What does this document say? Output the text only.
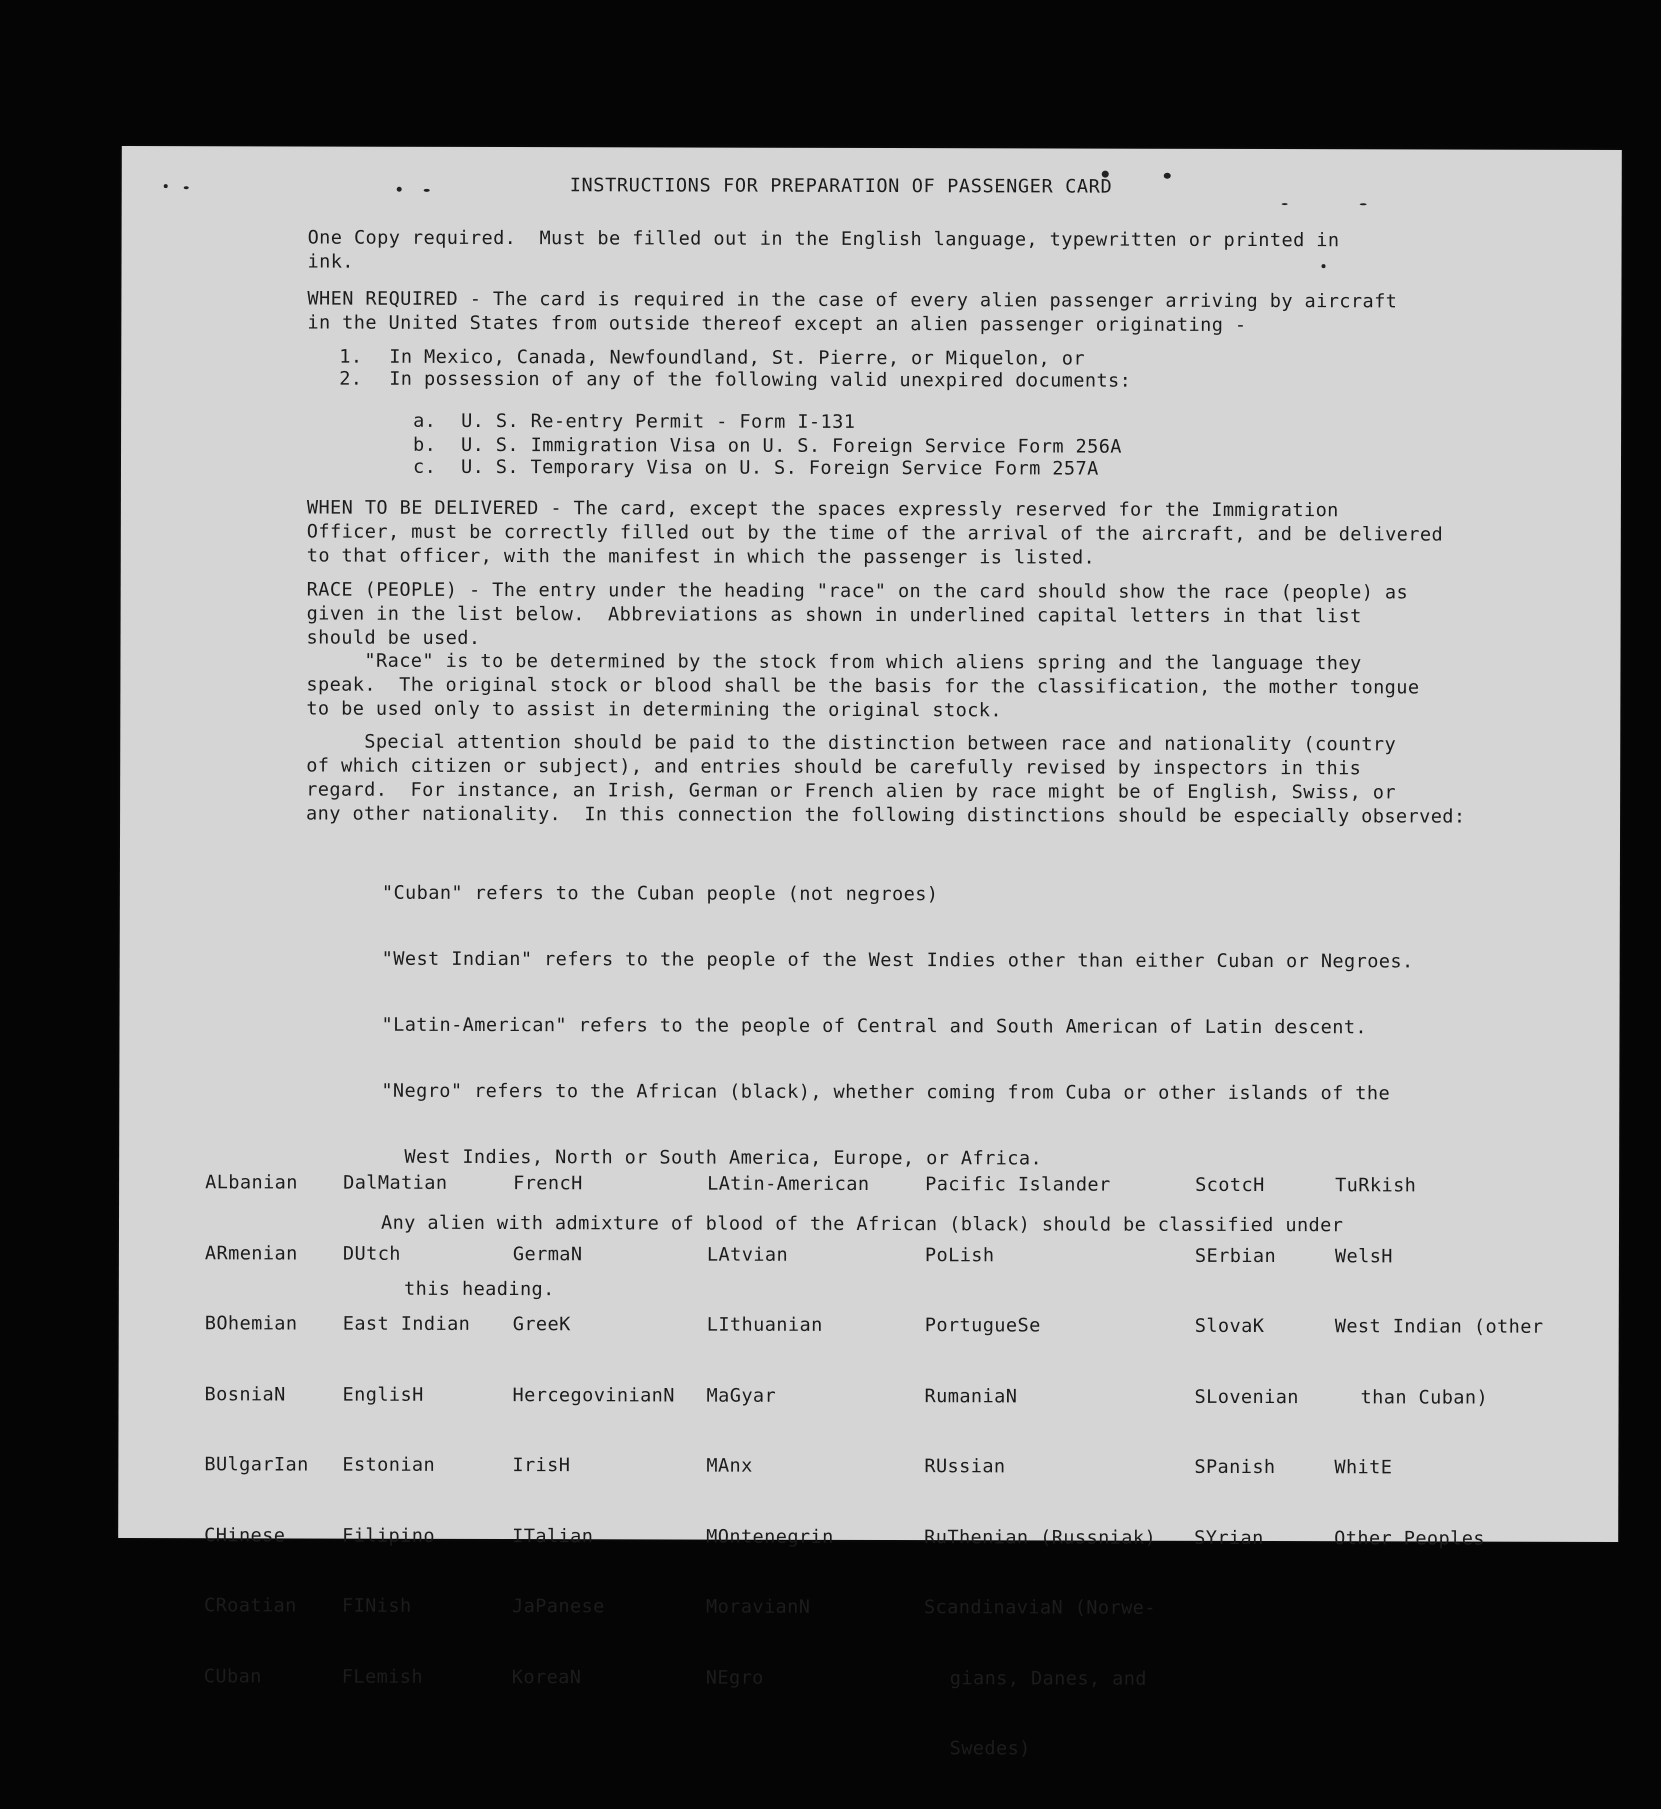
INSTRUCTIONS FOR PREPARATION OF PASSENGER CARD
One Copy required.  Must be filled out in the English language, typewritten or printed in
ink.
WHEN REQUIRED - The card is required in the case of every alien passenger arriving by aircraft
in the United States from outside thereof except an alien passenger originating -
1. In Mexico, Canada, Newfoundland, St. Pierre, or Miquelon, or
2. In possession of any of the following valid unexpired documents:
a. U. S. Re-entry Permit - Form I-131
b. U. S. Immigration Visa on U. S. Foreign Service Form 256A
c. U. S. Temporary Visa on U. S. Foreign Service Form 257A
WHEN TO BE DELIVERED - The card, except the spaces expressly reserved for the Immigration
Officer, must be correctly filled out by the time of the arrival of the aircraft, and be delivered
to that officer, with the manifest in which the passenger is listed.
RACE (PEOPLE) - The entry under the heading "race" on the card should show the race (people) as
given in the list below.  Abbreviations as shown in underlined capital letters in that list
should be used.
"Race" is to be determined by the stock from which aliens spring and the language they
speak.  The original stock or blood shall be the basis for the classification, the mother tongue
to be used only to assist in determining the original stock.
Special attention should be paid to the distinction between race and nationality (country
of which citizen or subject), and entries should be carefully revised by inspectors in this
regard.  For instance, an Irish, German or French alien by race might be of English, Swiss, or
any other nationality.  In this connection the following distinctions should be especially observed:

"Cuban" refers to the Cuban people (not negroes)

"West Indian" refers to the people of the West Indies other than either Cuban or Negroes.

"Latin-American" refers to the people of Central and South American of Latin descent.

"Negro" refers to the African (black), whether coming from Cuba or other islands of the

West Indies, North or South America, Europe, or Africa.

Any alien with admixture of blood of the African (black) should be classified under

this heading.

ALbanian

ARmenian

BOhemian

BosniaN

BUlgarIan

CHinese

CRoatian

CUban

DalMatian

DUtch

East Indian

EnglisH

Estonian

Filipino

FINish

FLemish

FrencH

GermaN

GreeK

HercegovinianN

IrisH

ITalian

JaPanese

KoreaN

LAtin-American

LAtvian

LIthuanian

MaGyar

MAnx

MOntenegrin

MoravianN

NEgro

Pacific Islander

PoLish

PortugueSe

RumaniaN

RUssian

RuThenian (Russniak)

ScandinaviaN (Norwe-

gians, Danes, and

Swedes)

ScotcH

SErbian

SlovaK

SLovenian

SPanish

SYrian

TuRkish

WelsH

West Indian (other

than Cuban)

WhitE

Other Peoples
